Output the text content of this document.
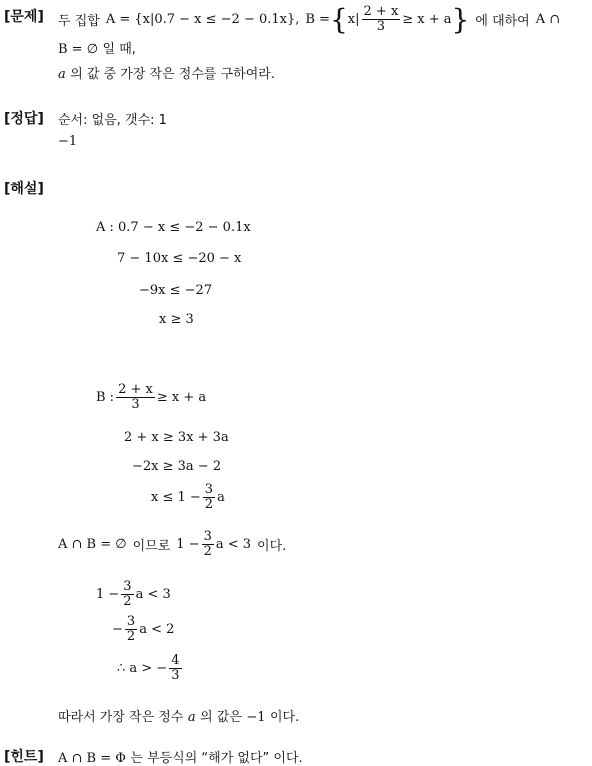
[문제] 두 집합 A = {x|0.7 − x ≤ −2 − 0.1x}, B = { $x| \frac{2 + x}{3} \ge x + a$ } 에 대하여 A ∩
B = ∅ 일 때,
a 의 값 중 가장 작은 정수를 구하여라.
[정답] 순서: 없음, 갯수: 1
−1
[해설]
A : 0.7 − x ≤ −2 − 0.1x
7 − 10x ≤ −20 − x
−9x ≤ −27
x ≥ 3
B : $\frac{2 + x}{3} \ge x + a$
2 + x ≥ 3x + 3a
−2x ≥ 3a − 2
$x \le 1 - \frac{3}{2}$ a
A ∩ B = ∅ 이므로 $1 - \frac{3}{2}$ a < 3 이다.
$1 - \frac{3}{2}$ a < 3
− $\frac{3}{2}$ a < 2
∴ a > − $\frac{4}{3}$
따라서 가장 작은 정수 a 의 값은 −1 이다.
[힌트] A ∩ B = Φ 는 부등식의 “해가 없다” 이다.
